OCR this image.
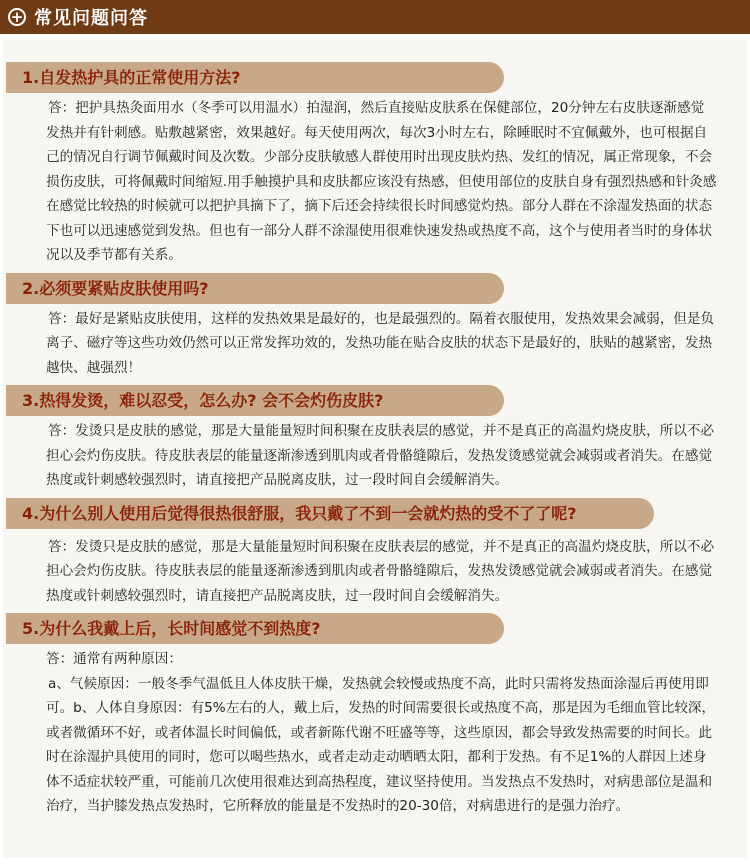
+ 常见问题问答
1.自发热护具的正常使用方法?

答：把护具热灸面用水（冬季可以用温水）拍湿润，然后直接贴皮肤系在保健部位，20分钟左右皮肤逐渐感觉发热并有针刺感。贴敷越紧密，效果越好。每天使用两次，每次3小时左右，除睡眠时不宜佩戴外，也可根据自己的情况自行调节佩戴时间及次数。少部分皮肤敏感人群使用时出现皮肤灼热、发红的情况，属正常现象，不会损伤皮肤，可将佩戴时间缩短.用手触摸护具和皮肤都应该没有热感，但使用部位的皮肤自身有强烈热感和针灸感在感觉比较热的时候就可以把护具摘下了，摘下后还会持续很长时间感觉灼热。部分人群在不涂湿发热面的状态下也可以迅速感觉到发热。但也有一部分人群不涂湿使用很难快速发热或热度不高，这个与使用者当时的身体状况以及季节都有关系。

2.必须要紧贴皮肤使用吗?

答：最好是紧贴皮肤使用，这样的发热效果是最好的，也是最强烈的。隔着衣服使用，发热效果会减弱，但是负离子、磁疗等这些功效仍然可以正常发挥功效的，发热功能在贴合皮肤的状态下是最好的，肤贴的越紧密，发热越快、越强烈！

3.热得发烫，难以忍受，怎么办? 会不会灼伤皮肤?

答：发烫只是皮肤的感觉，那是大量能量短时间积聚在皮肤表层的感觉，并不是真正的高温灼烧皮肤，所以不必担心会灼伤皮肤。待皮肤表层的能量逐渐渗透到肌肉或者骨骼缝隙后，发热发烫感觉就会减弱或者消失。在感觉热度或针刺感较强烈时，请直接把产品脱离皮肤，过一段时间自会缓解消失。

4.为什么别人使用后觉得很热很舒服，我只戴了不到一会就灼热的受不了了呢?

答：发烫只是皮肤的感觉，那是大量能量短时间积聚在皮肤表层的感觉，并不是真正的高温灼烧皮肤，所以不必担心会灼伤皮肤。待皮肤表层的能量逐渐渗透到肌肉或者骨骼缝隙后，发热发烫感觉就会减弱或者消失。在感觉热度或针刺感较强烈时，请直接把产品脱离皮肤，过一段时间自会缓解消失。

5.为什么我戴上后，长时间感觉不到热度?

答：通常有两种原因：

a、气候原因：一般冬季气温低且人体皮肤干燥，发热就会较慢或热度不高，此时只需将发热面涂湿后再使用即可。b、人体自身原因：有5%左右的人，戴上后，发热的时间需要很长或热度不高，那是因为毛细血管比较深，或者微循环不好，或者体温长时间偏低，或者新陈代谢不旺盛等等，这些原因，都会导致发热需要的时间长。此时在涂湿护具使用的同时，您可以喝些热水，或者走动走动晒晒太阳，都利于发热。有不足1%的人群因上述身体不适症状较严重，可能前几次使用很难达到高热程度，建议坚持使用。当发热点不发热时，对病患部位是温和治疗，当护膝发热点发热时，它所释放的能量是不发热时的20-30倍，对病患进行的是强力治疗。
